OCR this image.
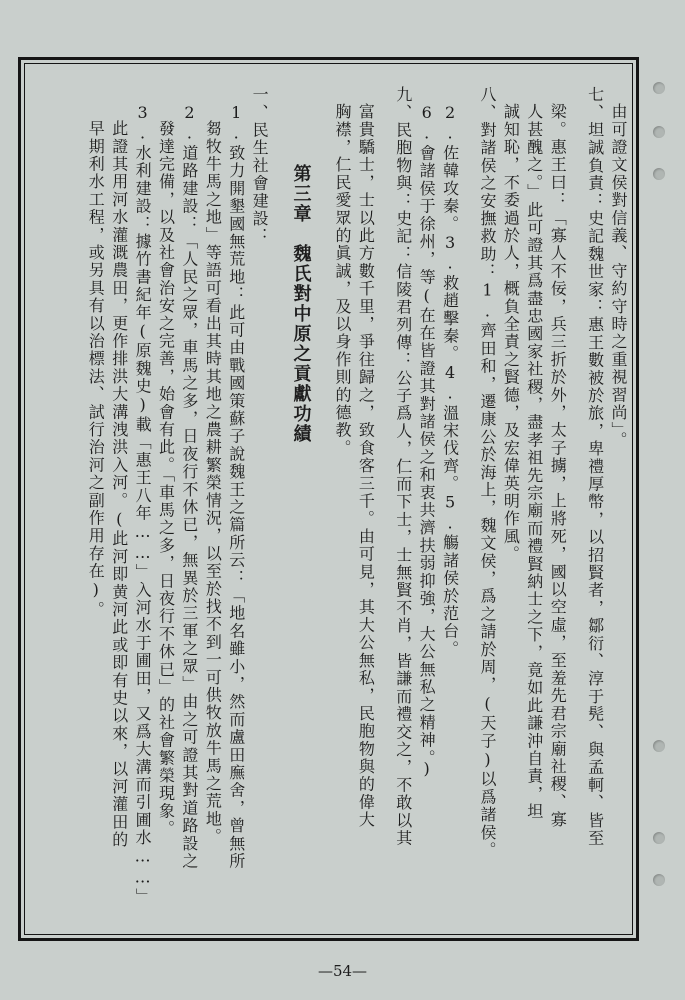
由可證文侯對信義、守約守時之重視習尚」。

七、坦誠負責：史記魏世家：惠王數被於旅，卑禮厚幣，以招賢者，鄒衍、淳于髡、與孟軻、皆至

梁。惠王曰：「寡人不佞，兵三折於外，太子擄，上將死，國以空虛，至羞先君宗廟社稷、寡

人甚醜之。」此可證其爲盡忠國家社稷，盡孝祖先宗廟而禮賢納士之下，竟如此謙沖自責，坦

誠知恥，不委過於人，概負全責之賢德，及宏偉英明作風。

八、對諸侯之安撫救助：1.齊田和，遷康公於海上，魏文侯，爲之請於周，(天子)以爲諸侯。

2.佐韓攻秦。3.救趙擊秦。4.溫宋伐齊。5.觴諸侯於范台。

6.會諸侯于徐州，等(在在皆證其對諸侯之和衷共濟扶弱抑強，大公無私之精神。)

九、民胞物與：史記：信陵君列傳：公子爲人，仁而下士，士無賢不肖，皆謙而禮交之，不敢以其

富貴驕士，士以此方數千里，爭往歸之，致食客三千。由可見，其大公無私，民胞物與的偉大

胸襟，仁民愛眾的眞誠，及以身作則的德教。

第三章　魏氏對中原之貢獻功績

一、民生社會建設：

1.致力開墾國無荒地：此可由戰國策蘇子說魏王之篇所云：「地名雖小，然而盧田廡舍，曾無所

芻牧牛馬之地」等語可看出其時其地之農耕繁榮情況，以至於找不到一可供牧放牛馬之荒地。

2.道路建設：「人民之眾，車馬之多，日夜行不休已，無異於三軍之眾」由之可證其對道路設之

發達完備，以及社會治安之完善，始會有此。「車馬之多，日夜行不休已」的社會繁榮現象。

3.水利建設：據竹書紀年(原魏史)載「惠王八年……」入河水于圃田，又爲大溝而引圃水……」

此證其用河水灌溉農田，更作排洪大溝洩洪入河。(此河即黄河此或即有史以來，以河灌田的

早期利水工程，或另具有以治標法、試行治河之副作用存在)。

—54—
